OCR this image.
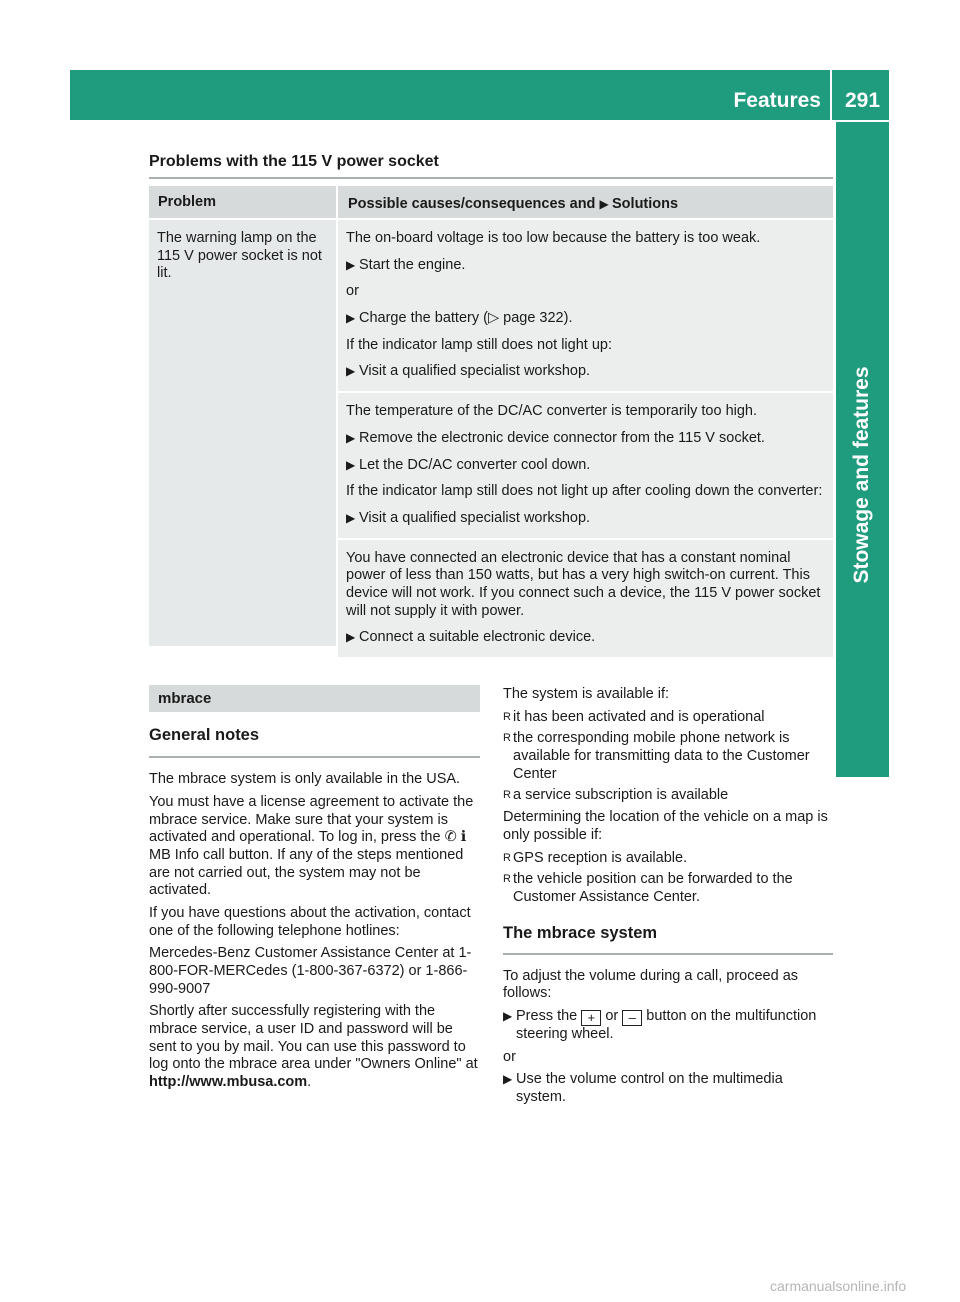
Features 291
Stowage and features
Problems with the 115 V power socket
Problem	Possible causes/consequences and ▶ Solutions
The warning lamp on the 115 V power socket is not lit.

The on-board voltage is too low because the battery is too weak.

▶ Start the engine.

or

▶ Charge the battery (▷ page 322).

If the indicator lamp still does not light up:

▶ Visit a qualified specialist workshop.

The temperature of the DC/AC converter is temporarily too high.

▶ Remove the electronic device connector from the 115 V socket.
▶ Let the DC/AC converter cool down.

If the indicator lamp still does not light up after cooling down the converter:

▶ Visit a qualified specialist workshop.

You have connected an electronic device that has a constant nominal power of less than 150 watts, but has a very high switch-on current. This device will not work. If you connect such a device, the 115 V power socket will not supply it with power.

▶ Connect a suitable electronic device.
mbrace
General notes

The mbrace system is only available in the USA.

You must have a license agreement to activate the mbrace service. Make sure that your system is activated and operational. To log in, press the ✆ ℹ MB Info call button. If any of the steps mentioned are not carried out, the system may not be activated.

If you have questions about the activation, contact one of the following telephone hotlines:

Mercedes-Benz Customer Assistance Center at 1-800-FOR-MERCedes (1-800-367-6372) or 1-866-990-9007

Shortly after successfully registering with the mbrace service, a user ID and password will be sent to you by mail. You can use this password to log onto the mbrace area under "Owners Online" at http://www.mbusa.com.

The system is available if:

R it has been activated and is operational
R the corresponding mobile phone network is available for transmitting data to the Customer Center
R a service subscription is available

Determining the location of the vehicle on a map is only possible if:

R GPS reception is available.
R the vehicle position can be forwarded to the Customer Assistance Center.
The mbrace system

To adjust the volume during a call, proceed as follows:

▶ Press the + or – button on the multifunction steering wheel.

or

▶ Use the volume control on the multimedia system.
carmanualsonline.info
